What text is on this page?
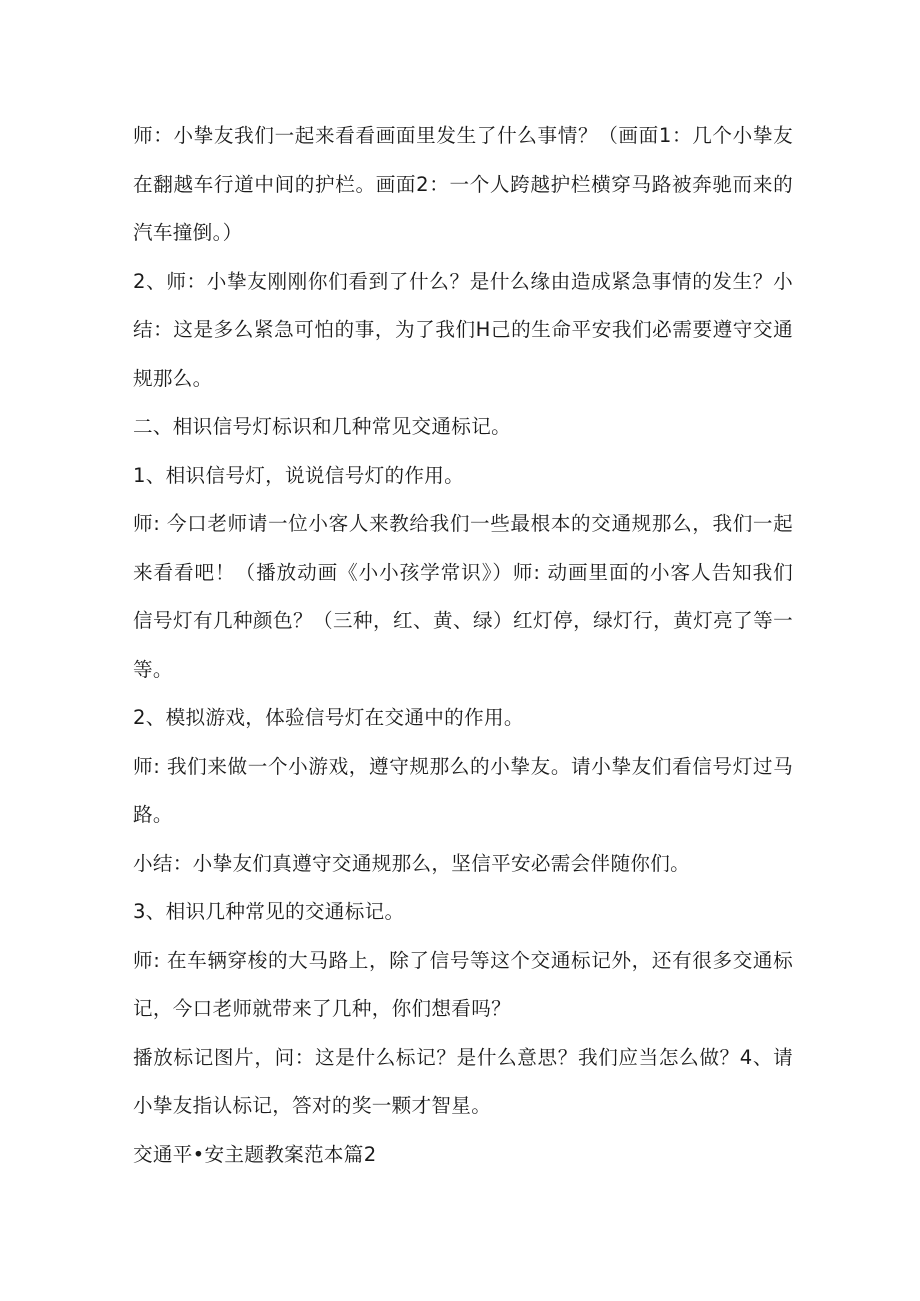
师：小挚友我们一起来看看画面里发生了什么事情？（画面1：几个小挚友在翻越车行道中间的护栏。画面2：一个人跨越护栏横穿马路被奔驰而来的汽车撞倒。）

2、师：小挚友刚刚你们看到了什么？是什么缘由造成紧急事情的发生？小结：这是多么紧急可怕的事，为了我们H己的生命平安我们必需要遵守交通规那么。

二、相识信号灯标识和几种常见交通标记。

1、相识信号灯，说说信号灯的作用。

师: 今口老师请一位小客人来教给我们一些最根本的交通规那么，我们一起来看看吧！（播放动画《小小孩学常识》）师: 动画里面的小客人告知我们信号灯有几种颜色？（三种，红、黄、绿）红灯停，绿灯行，黄灯亮了等一等。

2、模拟游戏，体验信号灯在交通中的作用。

师: 我们来做一个小游戏，遵守规那么的小挚友。请小挚友们看信号灯过马路。

小结：小挚友们真遵守交通规那么，坚信平安必需会伴随你们。

3、相识几种常见的交通标记。

师: 在车辆穿梭的大马路上，除了信号等这个交通标记外，还有很多交通标记，今口老师就带来了几种，你们想看吗？

播放标记图片，问：这是什么标记？是什么意思？我们应当怎么做？4、请小挚友指认标记，答对的奖一颗才智星。

交通平•安主题教案范本篇2
